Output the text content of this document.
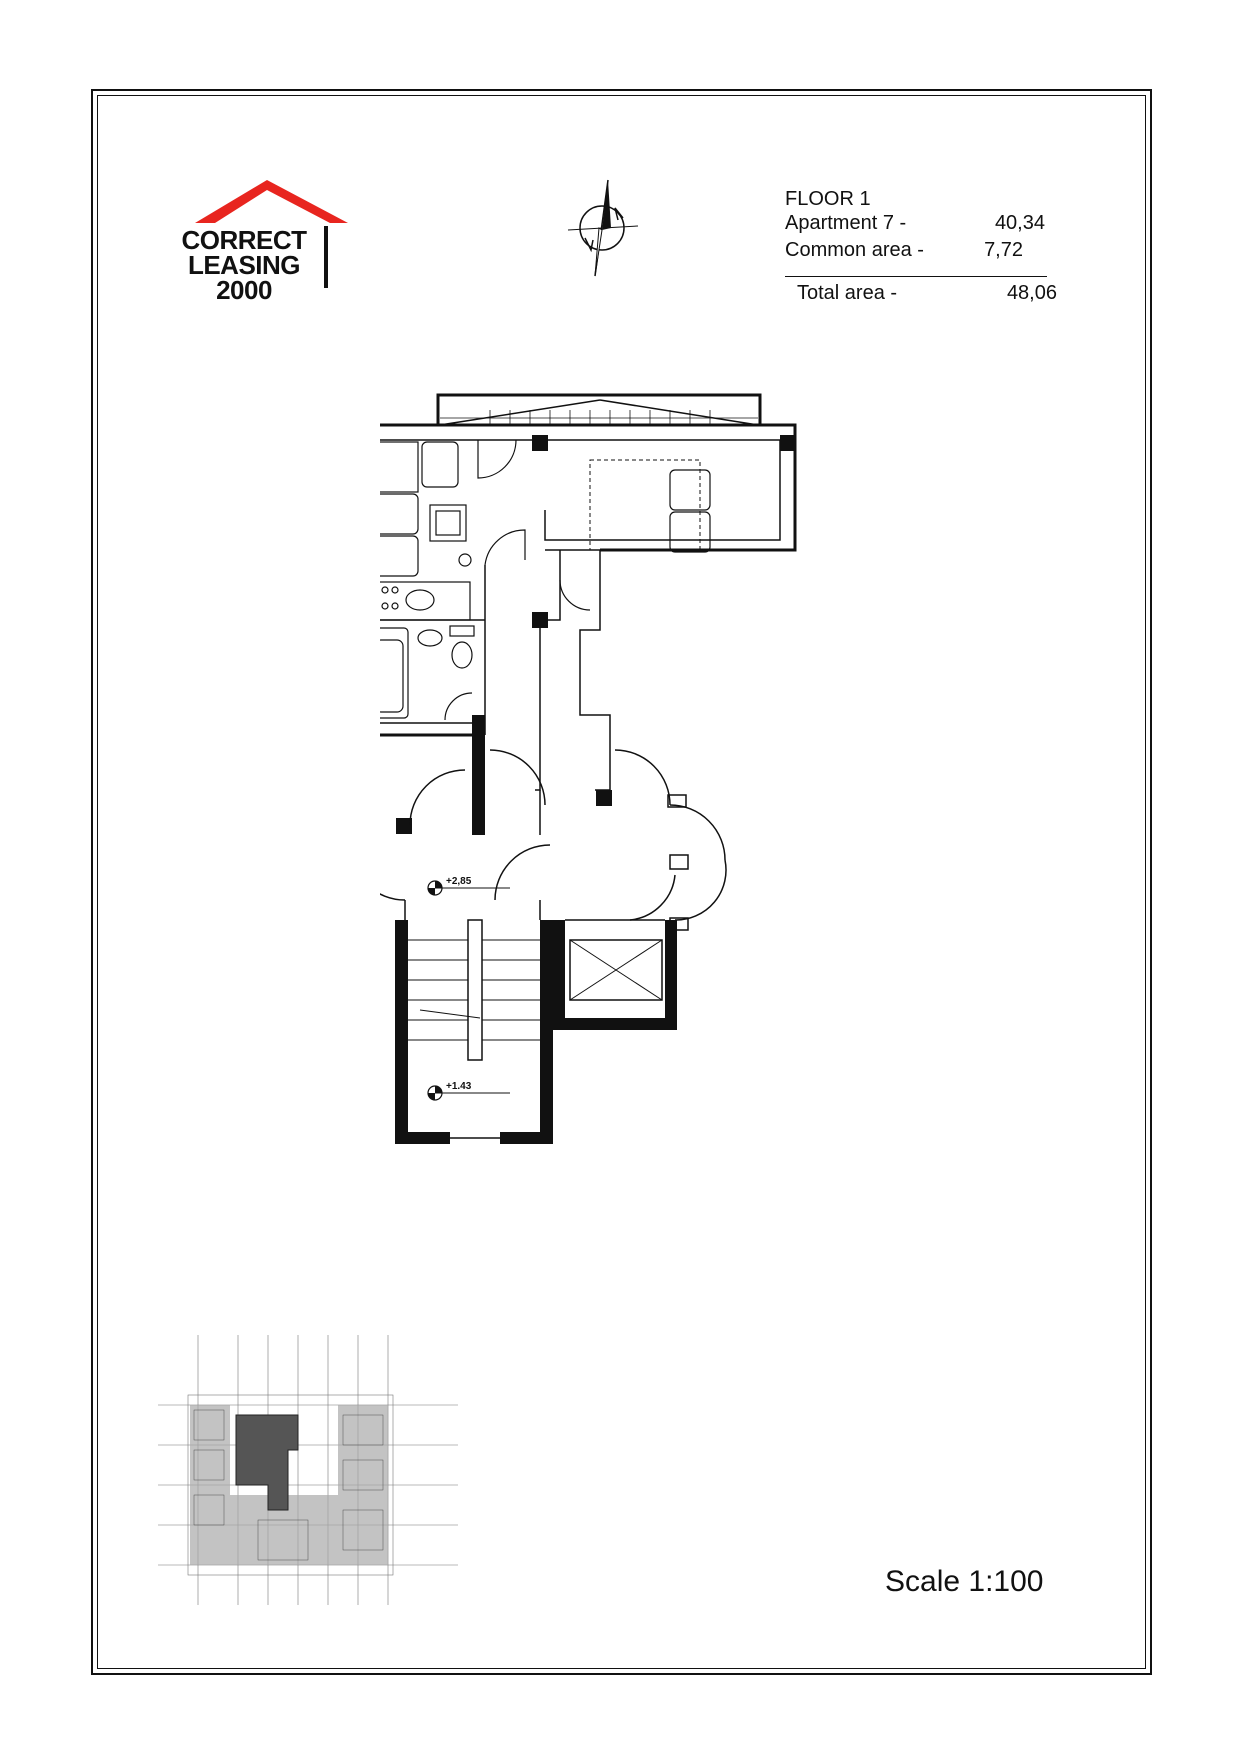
CORRECT
LEASING
2000
FLOOR 1
Apartment 7 -	40,34
Common area -	7,72
Total area -	48,06
+2,85
+1.43
Scale 1:100
